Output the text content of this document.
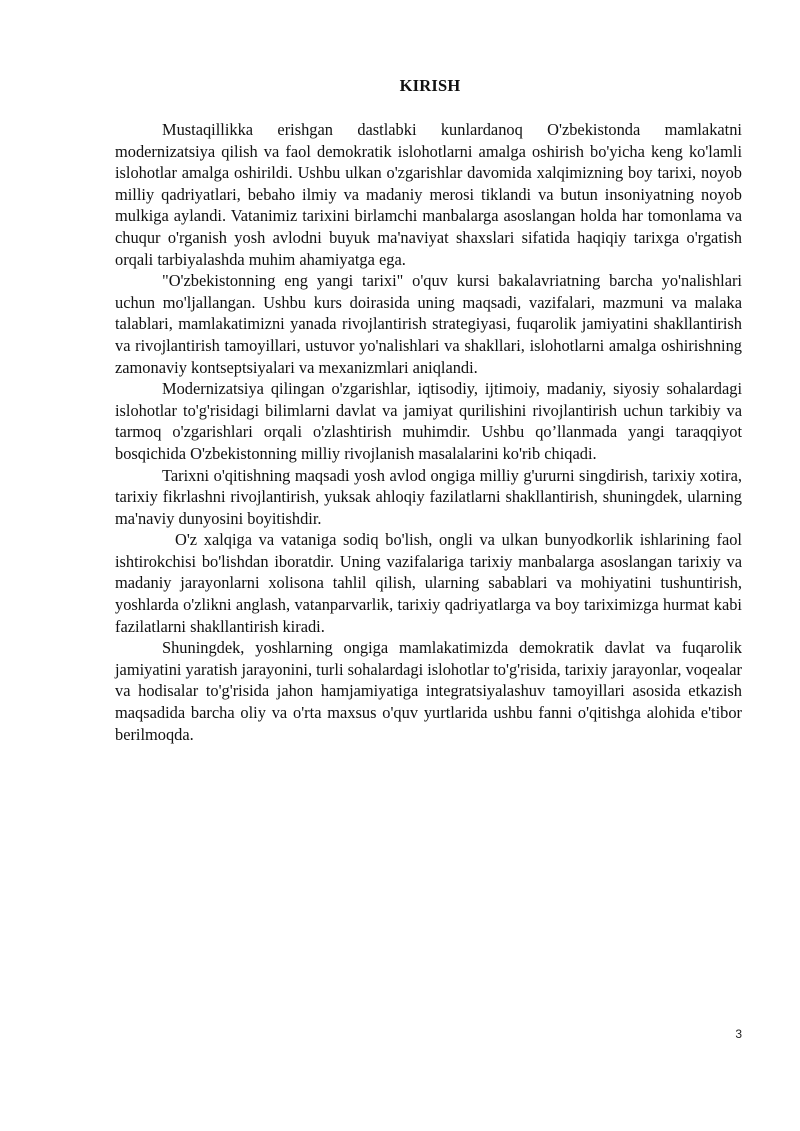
KIRISH

Mustaqillikka erishgan dastlabki kunlardanoq O'zbekistonda mamlakatni modernizatsiya qilish va faol demokratik islohotlarni amalga oshirish bo'yicha keng ko'lamli islohotlar amalga oshirildi. Ushbu ulkan o'zgarishlar davomida xalqimizning boy tarixi, noyob milliy qadriyatlari, bebaho ilmiy va madaniy merosi tiklandi va butun insoniyatning noyob mulkiga aylandi. Vatanimiz tarixini birlamchi manbalarga asoslangan holda har tomonlama va chuqur o'rganish yosh avlodni buyuk ma'naviyat shaxslari sifatida haqiqiy tarixga o'rgatish orqali tarbiyalashda muhim ahamiyatga ega.

"O'zbekistonning eng yangi tarixi" o'quv kursi bakalavriatning barcha yo'nalishlari uchun mo'ljallangan. Ushbu kurs doirasida uning maqsadi, vazifalari, mazmuni va malaka talablari, mamlakatimizni yanada rivojlantirish strategiyasi, fuqarolik jamiyatini shakllantirish va rivojlantirish tamoyillari, ustuvor yo'nalishlari va shakllari, islohotlarni amalga oshirishning zamonaviy kontseptsiyalari va mexanizmlari aniqlandi.

Modernizatsiya qilingan o'zgarishlar, iqtisodiy, ijtimoiy, madaniy, siyosiy sohalardagi islohotlar to'g'risidagi bilimlarni davlat va jamiyat qurilishini rivojlantirish uchun tarkibiy va tarmoq o'zgarishlari orqali o'zlashtirish muhimdir. Ushbu qo’llanmada yangi taraqqiyot bosqichida O'zbekistonning milliy rivojlanish masalalarini ko'rib chiqadi.

Tarixni o'qitishning maqsadi yosh avlod ongiga milliy g'ururni singdirish, tarixiy xotira, tarixiy fikrlashni rivojlantirish, yuksak ahloqiy fazilatlarni shakllantirish, shuningdek, ularning ma'naviy dunyosini boyitishdir.

O'z xalqiga va vataniga sodiq bo'lish, ongli va ulkan bunyodkorlik ishlarining faol ishtirokchisi bo'lishdan iboratdir. Uning vazifalariga tarixiy manbalarga asoslangan tarixiy va madaniy jarayonlarni xolisona tahlil qilish, ularning sabablari va mohiyatini tushuntirish, yoshlarda o'zlikni anglash, vatanparvarlik, tarixiy qadriyatlarga va boy tariximizga hurmat kabi fazilatlarni shakllantirish kiradi.

Shuningdek, yoshlarning ongiga mamlakatimizda demokratik davlat va fuqarolik jamiyatini yaratish jarayonini, turli sohalardagi islohotlar to'g'risida, tarixiy jarayonlar, voqealar va hodisalar to'g'risida jahon hamjamiyatiga integratsiyalashuv tamoyillari asosida etkazish maqsadida barcha oliy va o'rta maxsus o'quv yurtlarida ushbu fanni o'qitishga alohida e'tibor berilmoqda.

3
